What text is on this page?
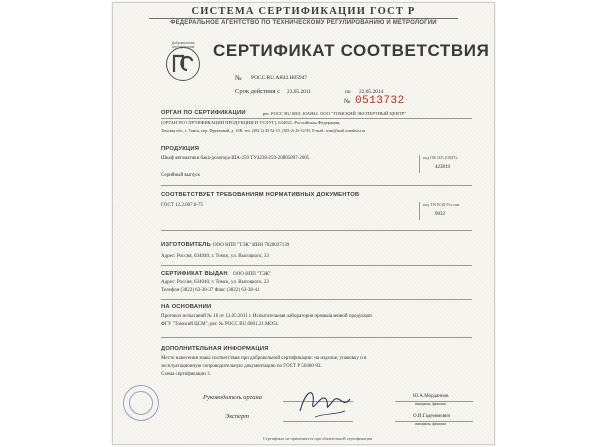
СИСТЕМА СЕРТИФИКАЦИИ ГОСТ Р
ФЕДЕРАЛЬНОЕ АГЕНТСТВО ПО ТЕХНИЧЕСКОМУ РЕГУЛИРОВАНИЮ И МЕТРОЛОГИИ
Добровольная сертификация	СЕРТИФИКАТ СООТВЕТСТВИЯ
№ РОСС RU.АЯ42.Н05947
Срок действия с 23.05.2011	по 22.05.2014
№ 0513732
ОРГАН ПО СЕРТИФИКАЦИИ	рег. РОСС RU.0001.10АЯ42. ООО "ТОМСКИЙ ЭКСПЕРТНЫЙ ЦЕНТР"
(ОРГАН ПО СЕРТИФИКАЦИИ ПРОДУКЦИИ И УСЛУГ), 634021, Российская Федерация,
Томская обл., г. Томск, пер. Фруктовый, д. 10В, тел. (382 2) 45-52-15, (383-2) 43-52-95, E-mail: tcsm@mail.tomskstst.ru
ПРОДУКЦИЯ
Шкаф автоматики бака-дозатора ША-259 ТУ4238-259-20885897-2005
Серийный выпуск
код ОК 005 (ОКП):
423819
СООТВЕТСТВУЕТ ТРЕБОВАНИЯМ НОРМАТИВНЫХ ДОКУМЕНТОВ
ГОСТ 12.2.007.0-75	код ТН ВЭД России:
9032
ИЗГОТОВИТЕЛЬ ООО НПП "ТЭК" ИНН 7020037139
Адрес: Россия, 634040, г. Томск, ул. Высоцкого, 33
СЕРТИФИКАТ ВЫДАН ООО НПП "ТЭК"
Адрес: Россия, 634040, г. Томск, ул. Высоцкого, 33
Телефон (3822) 63-38-37 Факс (3822) 63-38-41
НА ОСНОВАНИИ
Протокол испытаний № 16 от 12.05.2011 г. Испытательная лаборатория промышленной продукции
ФГУ "Томский ЦСМ", рег. № РОСС RU.0001.21.МО51.
ДОПОЛНИТЕЛЬНАЯ ИНФОРМАЦИЯ
Место нанесения знака соответствия при добровольной сертификации: на изделие, упаковку и в
эксплуатационную сопроводительную документацию по ГОСТ Р 50460-92.
Схема сертификации 3.
Руководитель органа	Ю.А.Морданнов
инициалы, фамилия
Эксперт	О.И.Гадеевмович
инициалы, фамилия
Сертификат не применяется при обязательной сертификации
